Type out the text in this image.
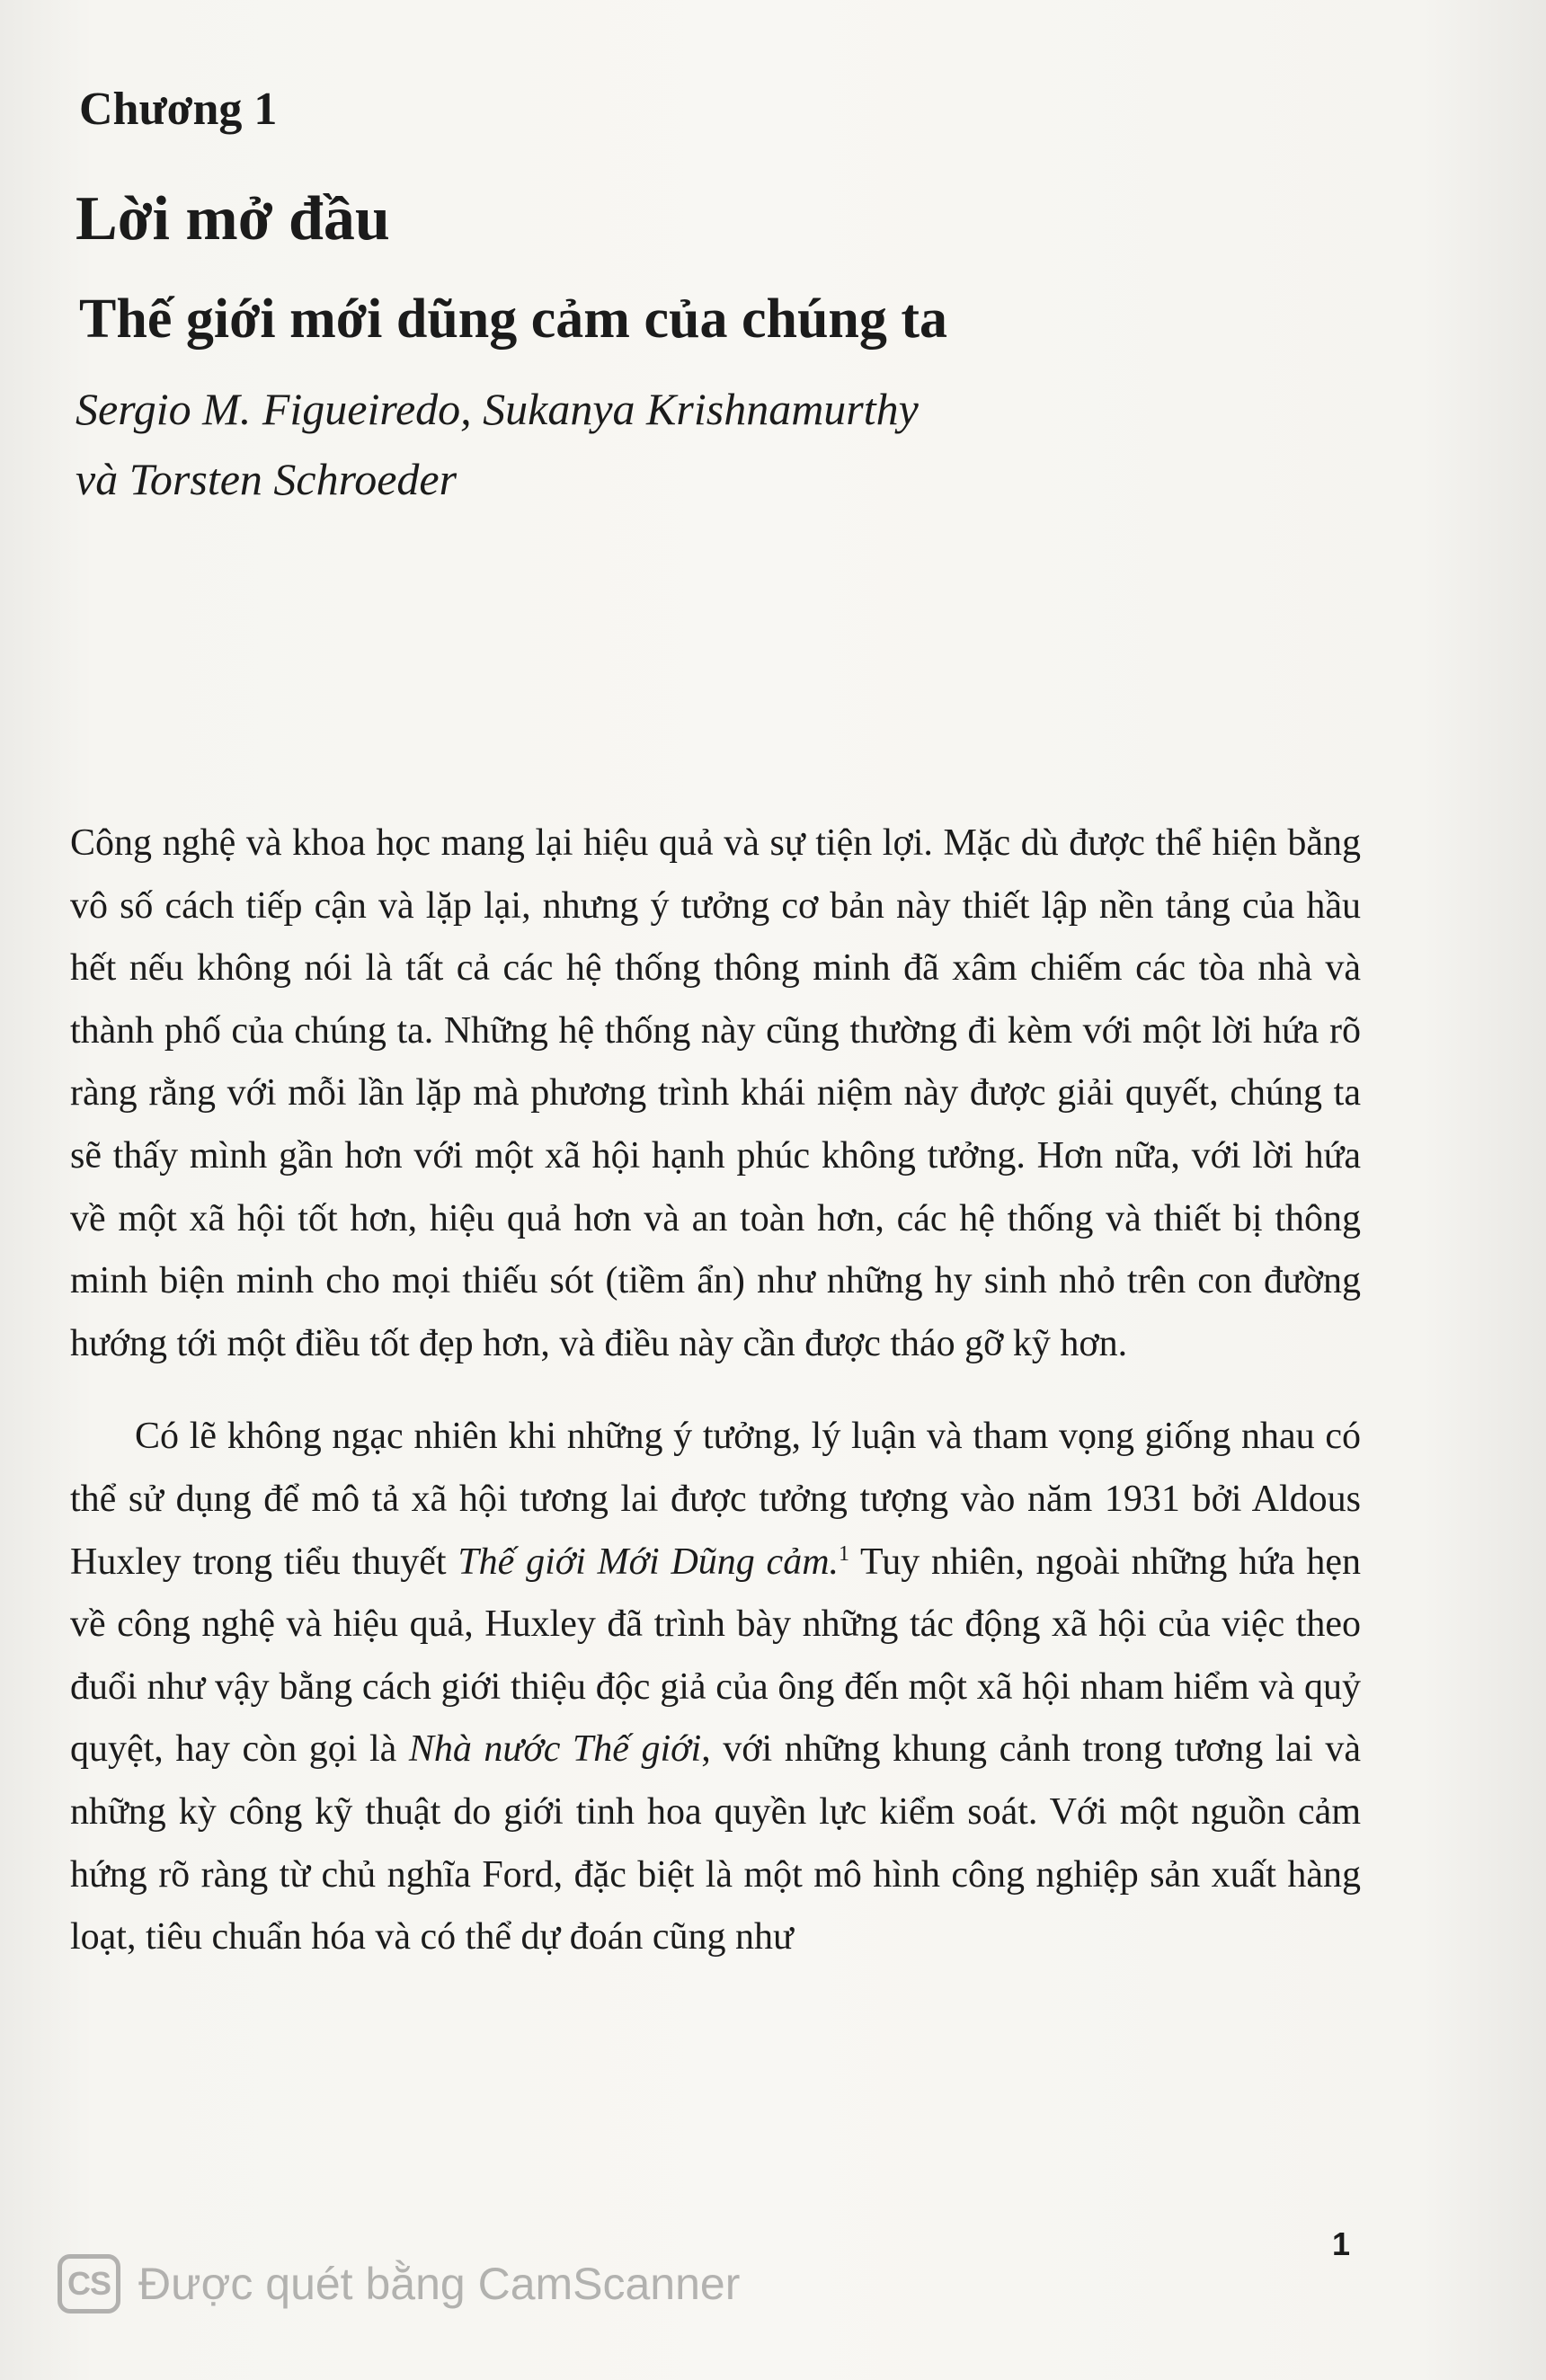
Chương 1
Lời mở đầu
Thế giới mới dũng cảm của chúng ta
Sergio M. Figueiredo, Sukanya Krishnamurthy
và Torsten Schroeder

Công nghệ và khoa học mang lại hiệu quả và sự tiện lợi. Mặc dù được thể hiện bằng vô số cách tiếp cận và lặp lại, nhưng ý tưởng cơ bản này thiết lập nền tảng của hầu hết nếu không nói là tất cả các hệ thống thông minh đã xâm chiếm các tòa nhà và thành phố của chúng ta. Những hệ thống này cũng thường đi kèm với một lời hứa rõ ràng rằng với mỗi lần lặp mà phương trình khái niệm này được giải quyết, chúng ta sẽ thấy mình gần hơn với một xã hội hạnh phúc không tưởng. Hơn nữa, với lời hứa về một xã hội tốt hơn, hiệu quả hơn và an toàn hơn, các hệ thống và thiết bị thông minh biện minh cho mọi thiếu sót (tiềm ẩn) như những hy sinh nhỏ trên con đường hướng tới một điều tốt đẹp hơn, và điều này cần được tháo gỡ kỹ hơn.

Có lẽ không ngạc nhiên khi những ý tưởng, lý luận và tham vọng giống nhau có thể sử dụng để mô tả xã hội tương lai được tưởng tượng vào năm 1931 bởi Aldous Huxley trong tiểu thuyết Thế giới Mới Dũng cảm.$^1$ Tuy nhiên, ngoài những hứa hẹn về công nghệ và hiệu quả, Huxley đã trình bày những tác động xã hội của việc theo đuổi như vậy bằng cách giới thiệu độc giả của ông đến một xã hội nham hiểm và quỷ quyệt, hay còn gọi là Nhà nước Thế giới, với những khung cảnh trong tương lai và những kỳ công kỹ thuật do giới tinh hoa quyền lực kiểm soát. Với một nguồn cảm hứng rõ ràng từ chủ nghĩa Ford, đặc biệt là một mô hình công nghiệp sản xuất hàng loạt, tiêu chuẩn hóa và có thể dự đoán cũng như

1
CS Được quét bằng CamScanner
